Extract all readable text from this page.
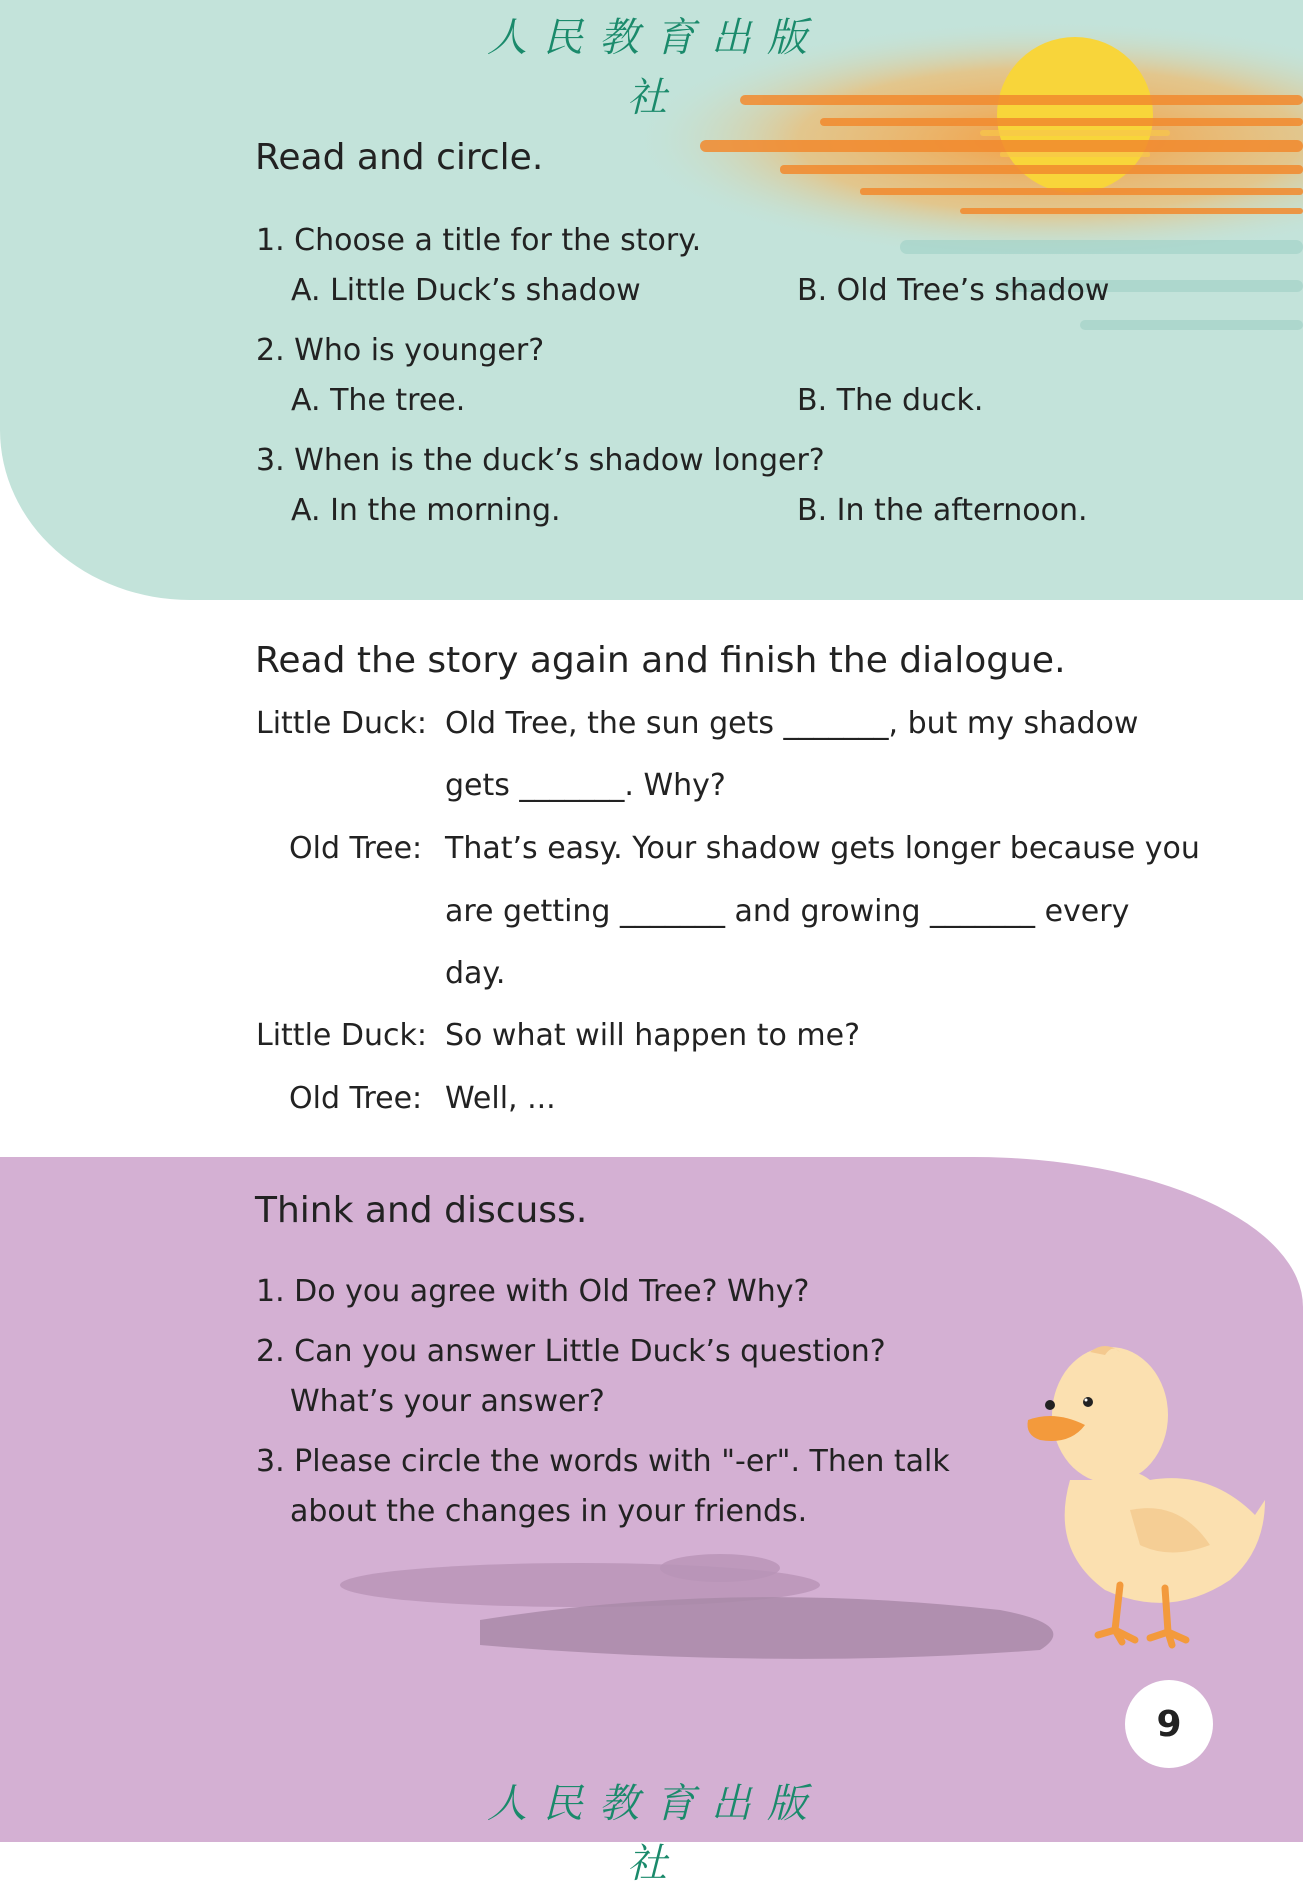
人民教育出版社
人民教育出版社
Read and circle.
1. Choose a title for the story.
A. Little Duck’s shadow	B. Old Tree’s shadow
2. Who is younger?
A. The tree.	B. The duck.
3. When is the duck’s shadow longer?
A. In the morning.	B. In the afternoon.
Read the story again and finish the dialogue.
Little Duck: Old Tree, the sun gets _______, but my shadow
gets _______. Why?
Old Tree: That’s easy. Your shadow gets longer because you
are getting _______ and growing _______ every
day.
Little Duck: So what will happen to me?
Old Tree: Well, ...
Think and discuss.
1. Do you agree with Old Tree? Why?
2. Can you answer Little Duck’s question?
What’s your answer?
3. Please circle the words with "-er". Then talk
about the changes in your friends.
9
